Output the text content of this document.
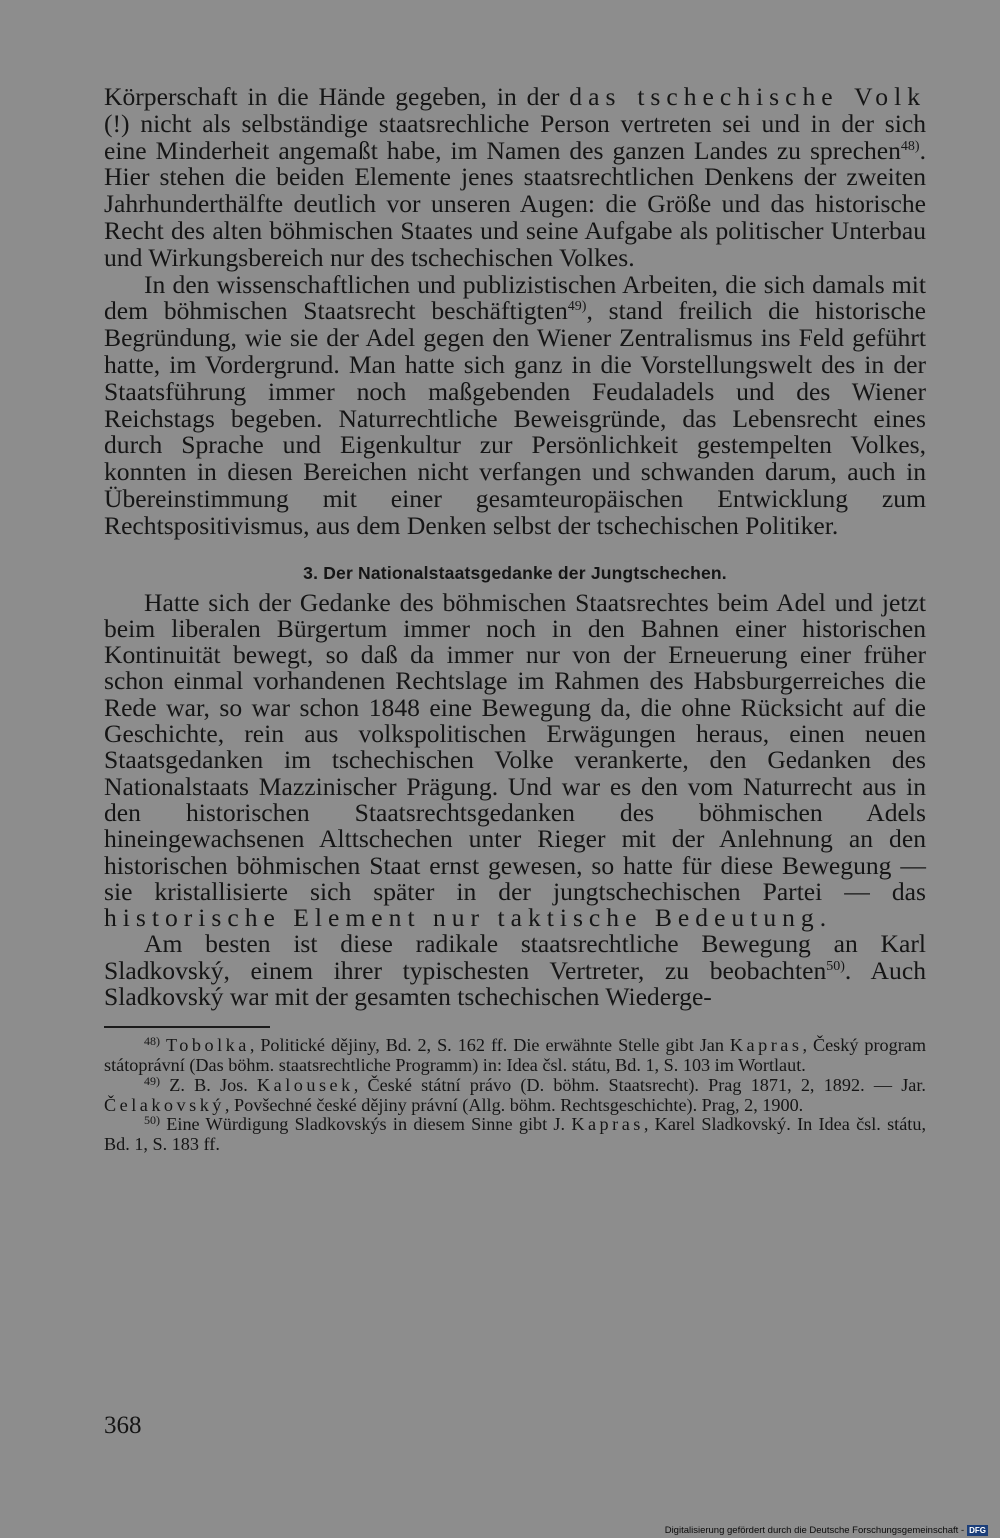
Körperschaft in die Hände gegeben, in der das tschechische Volk (!) nicht als selbständige staatsrechliche Person vertreten sei und in der sich eine Minderheit angemaßt habe, im Namen des ganzen Landes zu sprechen$^{48)}$. Hier stehen die beiden Elemente jenes staatsrechtlichen Denkens der zweiten Jahrhunderthälfte deutlich vor unseren Augen: die Größe und das historische Recht des alten böhmischen Staates und seine Aufgabe als politischer Unterbau und Wirkungsbereich nur des tschechischen Volkes.

In den wissenschaftlichen und publizistischen Arbeiten, die sich damals mit dem böhmischen Staatsrecht beschäftigten$^{49)}$, stand freilich die historische Begründung, wie sie der Adel gegen den Wiener Zentralismus ins Feld geführt hatte, im Vordergrund. Man hatte sich ganz in die Vorstellungswelt des in der Staatsführung immer noch maßgebenden Feudaladels und des Wiener Reichstags begeben. Naturrechtliche Beweisgründe, das Lebensrecht eines durch Sprache und Eigenkultur zur Persönlichkeit gestempelten Volkes, konnten in diesen Bereichen nicht verfangen und schwanden darum, auch in Übereinstimmung mit einer gesamteuropäischen Entwicklung zum Rechtspositivismus, aus dem Denken selbst der tschechischen Politiker.

3. Der Nationalstaatsgedanke der Jungtschechen.

Hatte sich der Gedanke des böhmischen Staatsrechtes beim Adel und jetzt beim liberalen Bürgertum immer noch in den Bahnen einer historischen Kontinuität bewegt, so daß da immer nur von der Erneuerung einer früher schon einmal vorhandenen Rechtslage im Rahmen des Habsburgerreiches die Rede war, so war schon 1848 eine Bewegung da, die ohne Rücksicht auf die Geschichte, rein aus volkspolitischen Erwägungen heraus, einen neuen Staatsgedanken im tschechischen Volke verankerte, den Gedanken des Nationalstaats Mazzinischer Prägung. Und war es den vom Naturrecht aus in den historischen Staatsrechtsgedanken des böhmischen Adels hineingewachsenen Alttschechen unter Rieger mit der Anlehnung an den historischen böhmischen Staat ernst gewesen, so hatte für diese Bewegung — sie kristallisierte sich später in der jungtschechischen Partei — das historische Element nur taktische Bedeutung.

Am besten ist diese radikale staatsrechtliche Bewegung an Karl Sladkovský, einem ihrer typischesten Vertreter, zu beobachten$^{50)}$. Auch Sladkovský war mit der gesamten tschechischen Wiederge-

$^{48)}$ Tobolka, Politické dějiny, Bd. 2, S. 162 ff. Die erwähnte Stelle gibt Jan Kapras, Český program státoprávní (Das böhm. staatsrechtliche Programm) in: Idea čsl. státu, Bd. 1, S. 103 im Wortlaut.

$^{49)}$ Z. B. Jos. Kalousek, České státní právo (D. böhm. Staatsrecht). Prag 1871, 2, 1892. — Jar. Čelakovský, Povšechné české dějiny právní (Allg. böhm. Rechtsgeschichte). Prag, 2, 1900.

$^{50)}$ Eine Würdigung Sladkovskýs in diesem Sinne gibt J. Kapras, Karel Sladkovský. In Idea čsl. státu, Bd. 1, S. 183 ff.

368

Digitalisierung gefördert durch die Deutsche Forschungsgemeinschaft - DFG
